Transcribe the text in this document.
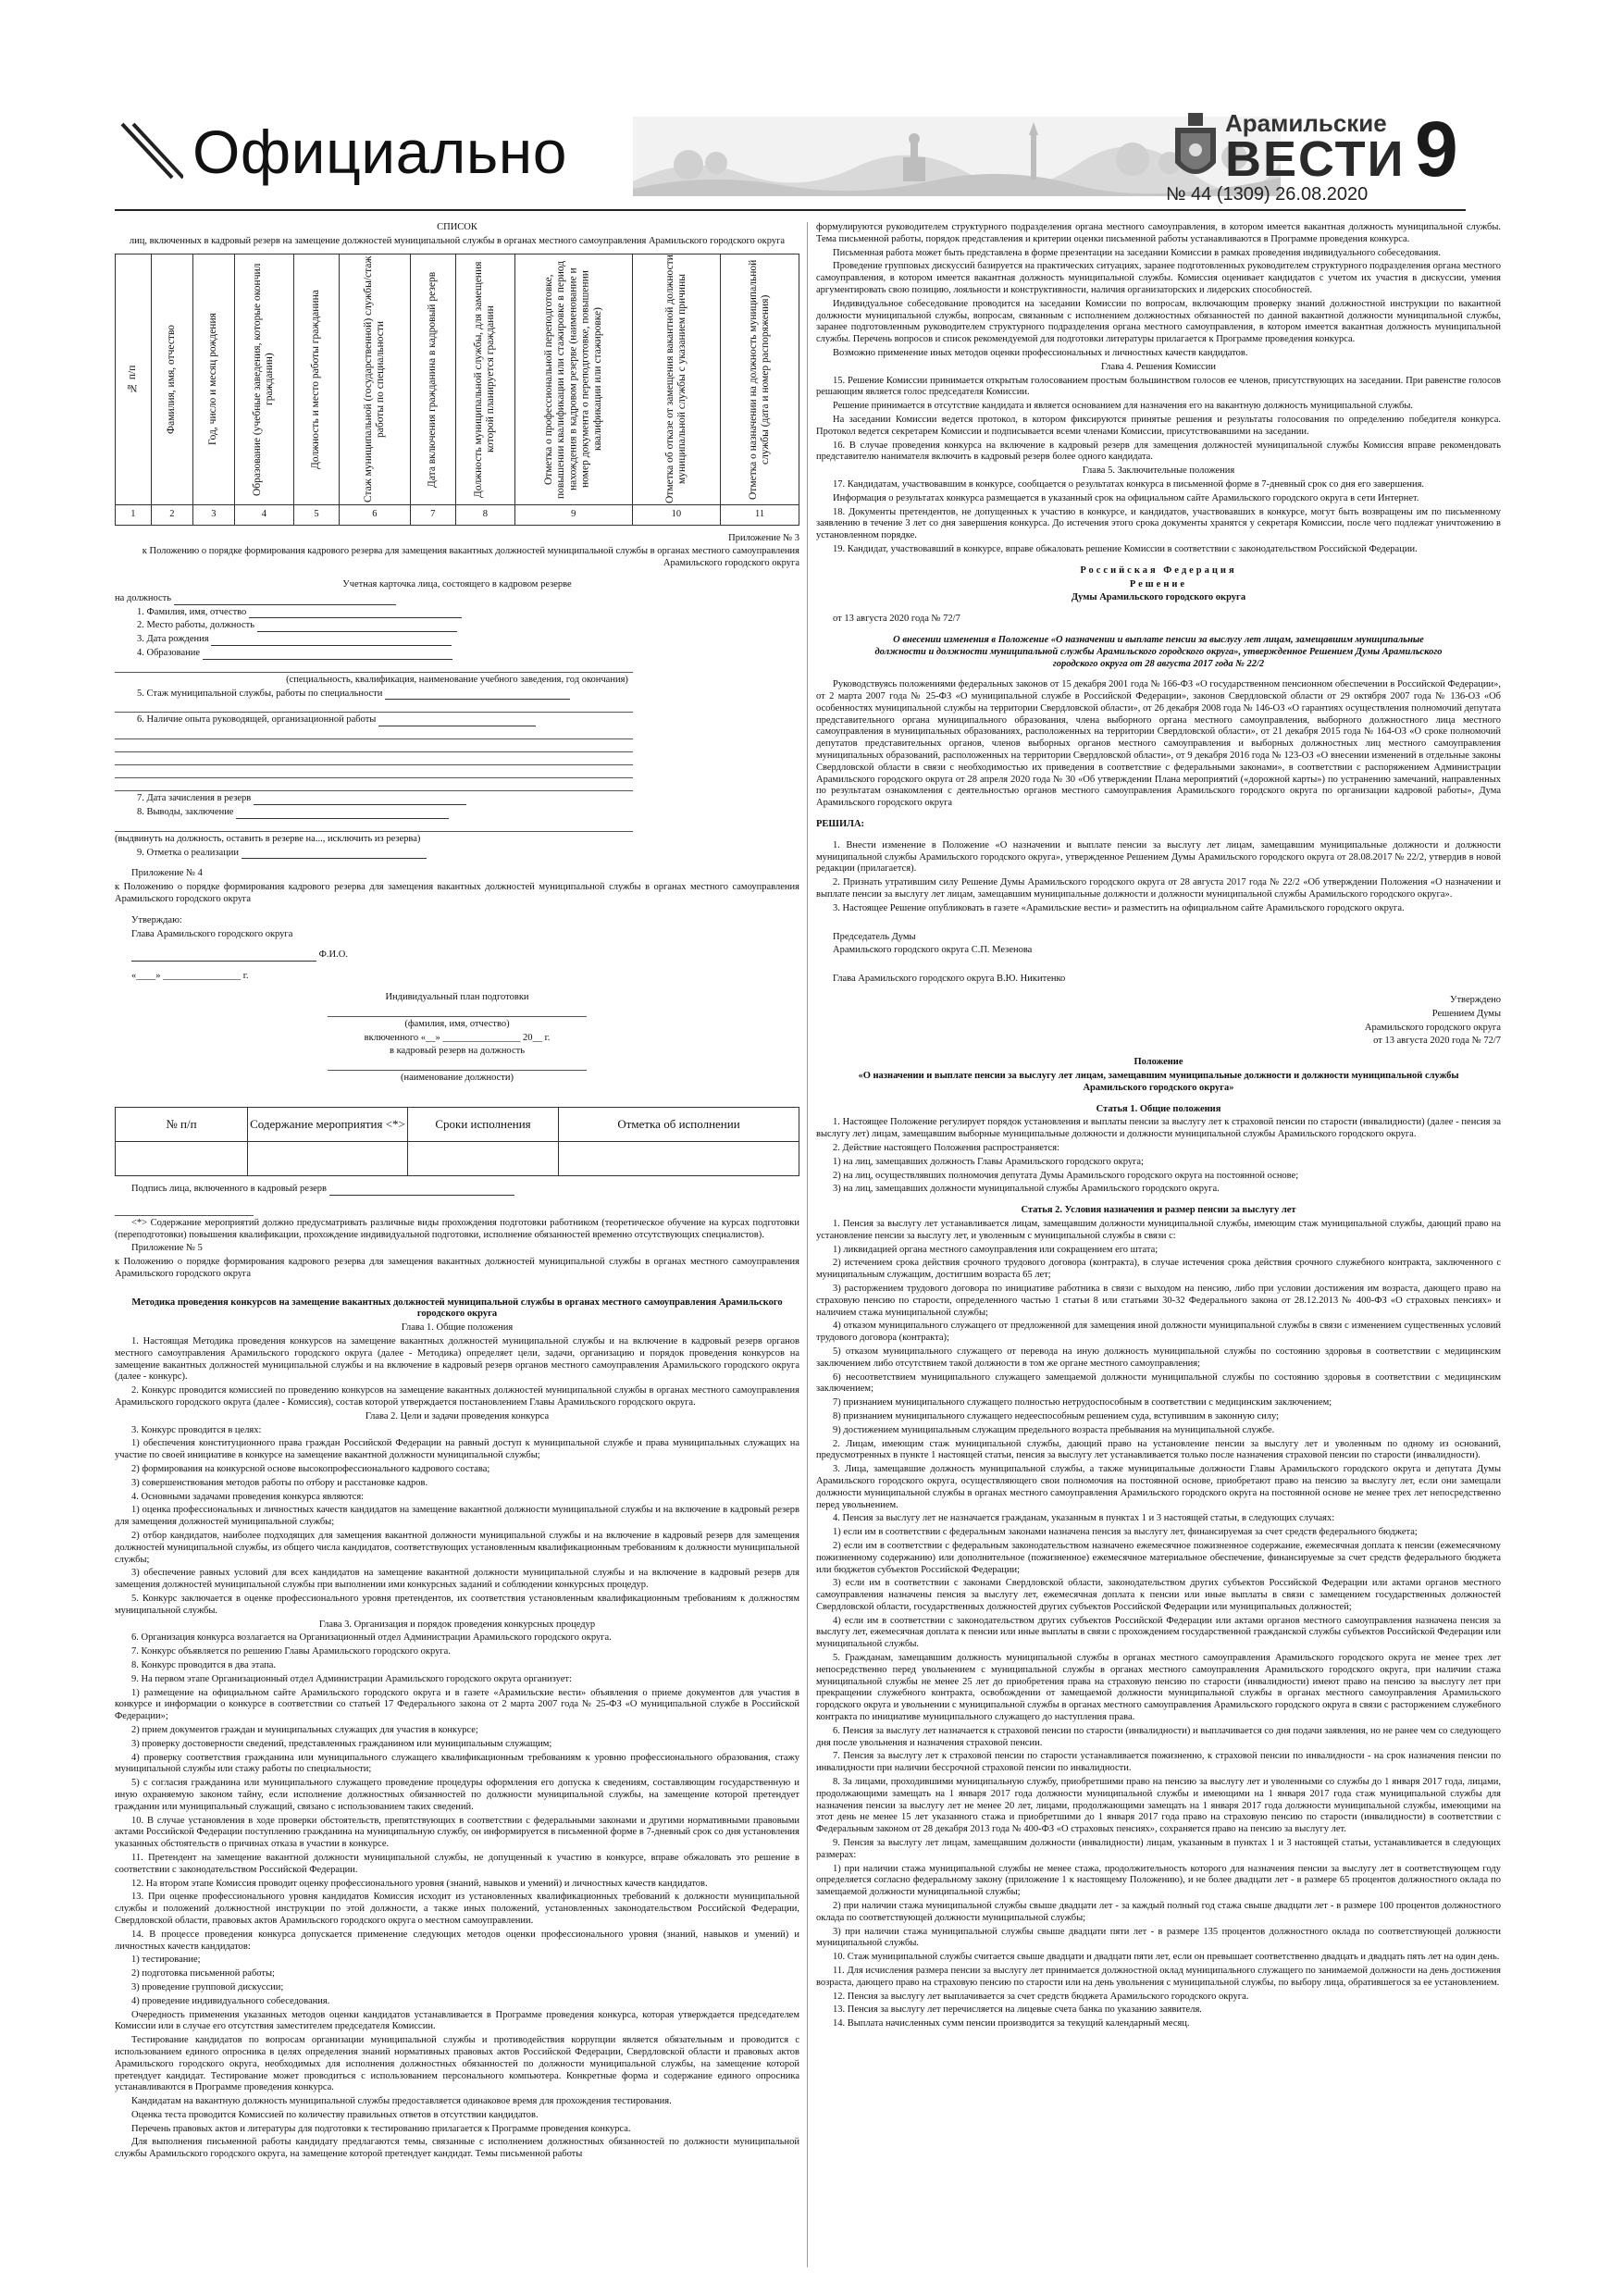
Официально	Арамильские
ВЕСТИ 9
№ 44 (1309) 26.08.2020

СПИСОК

лиц, включенных в кадровый резерв на замещение должностей муниципальной службы в органах местного самоуправления Арамильского городского округа

№ п/п	Фамилия, имя, отчество	Год, число и месяц рождения	Образование (учебные заведения, которые окончил гражданин)	Должность и место работы гражданина	Стаж муниципальной (государственной) службы/стаж работы по специальности	Дата включения гражданина в кадровый резерв	Должность муниципальной службы, для замещения которой планируется гражданин	Отметка о профессиональной переподготовке, повышении квалификации или стажировке в период нахождения в кадровом резерве (наименование и номер документа о переподготовке, повышении квалификации или стажировке)	Отметка об отказе от замещения вакантной должности муниципальной службы с указанием причины	Отметка о назначении на должность муниципальной службы (дата и номер распоряжения)

1	2	3	4	5	6	7	8	9	10	11

Приложение № 3

к Положению о порядке формирования кадрового резерва для замещения вакантных должностей муниципальной службы в органах местного самоуправления Арамильского городского округа

Учетная карточка лица, состоящего в кадровом резерве

на должность

1. Фамилия, имя, отчество

2. Место работы, должность

3. Дата рождения

4. Образование

(специальность, квалификация, наименование учебного заведения, год окончания)

5. Стаж муниципальной службы, работы по специальности

6. Наличие опыта руководящей, организационной работы

7. Дата зачисления в резерв

8. Выводы, заключение

(выдвинуть на должность, оставить в резерве на..., исключить из резерва)

9. Отметка о реализации

Приложение № 4

к Положению о порядке формирования кадрового резерва для замещения вакантных должностей муниципальной службы в органах местного самоуправления Арамильского городского округа

Утверждаю:

Глава Арамильского городского округа

Ф.И.О.

«____» ________________ г.

Индивидуальный план подготовки

(фамилия, имя, отчество)

включенного «__» ________________ 20__ г.

в кадровый резерв на должность

(наименование должности)

№ п/п	Содержание мероприятия <*>	Сроки исполнения	Отметка об исполнении

Подпись лица, включенного в кадровый резерв

<*> Содержание мероприятий должно предусматривать различные виды прохождения подготовки работником (теоретическое обучение на курсах подготовки (переподготовки) повышения квалификации, прохождение индивидуальной подготовки, исполнение обязанностей временно отсутствующих специалистов).

Приложение № 5

к Положению о порядке формирования кадрового резерва для замещения вакантных должностей муниципальной службы в органах местного самоуправления Арамильского городского округа

Методика проведения конкурсов на замещение вакантных должностей муниципальной службы в органах местного самоуправления Арамильского городского округа

Глава 1. Общие положения

1. Настоящая Методика проведения конкурсов на замещение вакантных должностей муниципальной службы и на включение в кадровый резерв органов местного самоуправления Арамильского городского округа (далее - Методика) определяет цели, задачи, организацию и порядок проведения конкурсов на замещение вакантных должностей муниципальной службы и на включение в кадровый резерв органов местного самоуправления Арамильского городского округа (далее - конкурс).

2. Конкурс проводится комиссией по проведению конкурсов на замещение вакантных должностей муниципальной службы в органах местного самоуправления Арамильского городского округа (далее - Комиссия), состав которой утверждается постановлением Главы Арамильского городского округа.

Глава 2. Цели и задачи проведения конкурса

3. Конкурс проводится в целях:

1) обеспечения конституционного права граждан Российской Федерации на равный доступ к муниципальной службе и права муниципальных служащих на участие по своей инициативе в конкурсе на замещение вакантной должности муниципальной службы;

2) формирования на конкурсной основе высокопрофессионального кадрового состава;

3) совершенствования методов работы по отбору и расстановке кадров.

4. Основными задачами проведения конкурса являются:

1) оценка профессиональных и личностных качеств кандидатов на замещение вакантной должности муниципальной службы и на включение в кадровый резерв для замещения должностей муниципальной службы;

2) отбор кандидатов, наиболее подходящих для замещения вакантной должности муниципальной службы и на включение в кадровый резерв для замещения должностей муниципальной службы, из общего числа кандидатов, соответствующих установленным квалификационным требованиям к должности муниципальной службы;

3) обеспечение равных условий для всех кандидатов на замещение вакантной должности муниципальной службы и на включение в кадровый резерв для замещения должностей муниципальной службы при выполнении ими конкурсных заданий и соблюдении конкурсных процедур.

5. Конкурс заключается в оценке профессионального уровня претендентов, их соответствия установленным квалификационным требованиям к должностям муниципальной службы.

Глава 3. Организация и порядок проведения конкурсных процедур

6. Организация конкурса возлагается на Организационный отдел Администрации Арамильского городского округа.

7. Конкурс объявляется по решению Главы Арамильского городского округа.

8. Конкурс проводится в два этапа.

9. На первом этапе Организационный отдел Администрации Арамильского городского округа организует:

1) размещение на официальном сайте Арамильского городского округа и в газете «Арамильские вести» объявления о приеме документов для участия в конкурсе и информации о конкурсе в соответствии со статьей 17 Федерального закона от 2 марта 2007 года № 25-ФЗ «О муниципальной службе в Российской Федерации»;

2) прием документов граждан и муниципальных служащих для участия в конкурсе;

3) проверку достоверности сведений, представленных гражданином или муниципальным служащим;

4) проверку соответствия гражданина или муниципального служащего квалификационным требованиям к уровню профессионального образования, стажу муниципальной службы или стажу работы по специальности;

5) с согласия гражданина или муниципального служащего проведение процедуры оформления его допуска к сведениям, составляющим государственную и иную охраняемую законом тайну, если исполнение должностных обязанностей по должности муниципальной службы, на замещение которой претендует гражданин или муниципальный служащий, связано с использованием таких сведений.

10. В случае установления в ходе проверки обстоятельств, препятствующих в соответствии с федеральными законами и другими нормативными правовыми актами Российской Федерации поступлению гражданина на муниципальную службу, он информируется в письменной форме в 7-дневный срок со дня установления указанных обстоятельств о причинах отказа в участии в конкурсе.

11. Претендент на замещение вакантной должности муниципальной службы, не допущенный к участию в конкурсе, вправе обжаловать это решение в соответствии с законодательством Российской Федерации.

12. На втором этапе Комиссия проводит оценку профессионального уровня (знаний, навыков и умений) и личностных качеств кандидатов.

13. При оценке профессионального уровня кандидатов Комиссия исходит из установленных квалификационных требований к должности муниципальной службы и положений должностной инструкции по этой должности, а также иных положений, установленных законодательством Российской Федерации, Свердловской области, правовых актов Арамильского городского округа о местном самоуправлении.

14. В процессе проведения конкурса допускается применение следующих методов оценки профессионального уровня (знаний, навыков и умений) и личностных качеств кандидатов:

1) тестирование;

2) подготовка письменной работы;

3) проведение групповой дискуссии;

4) проведение индивидуального собеседования.

Очередность применения указанных методов оценки кандидатов устанавливается в Программе проведения конкурса, которая утверждается председателем Комиссии или в случае его отсутствия заместителем председателя Комиссии.

Тестирование кандидатов по вопросам организации муниципальной службы и противодействия коррупции является обязательным и проводится с использованием единого опросника в целях определения знаний нормативных правовых актов Российской Федерации, Свердловской области и правовых актов Арамильского городского округа, необходимых для исполнения должностных обязанностей по должности муниципальной службы, на замещение которой претендует кандидат. Тестирование может проводиться с использованием персонального компьютера. Конкретные форма и содержание единого опросника устанавливаются в Программе проведения конкурса.

Кандидатам на вакантную должность муниципальной службы предоставляется одинаковое время для прохождения тестирования.

Оценка теста проводится Комиссией по количеству правильных ответов в отсутствии кандидатов.

Перечень правовых актов и литературы для подготовки к тестированию прилагается к Программе проведения конкурса.

Для выполнения письменной работы кандидату предлагаются темы, связанные с исполнением должностных обязанностей по должности муниципальной службы Арамильского городского округа, на замещение которой претендует кандидат. Темы письменной работы

формулируются руководителем структурного подразделения органа местного самоуправления, в котором имеется вакантная должность муниципальной службы. Тема письменной работы, порядок представления и критерии оценки письменной работы устанавливаются в Программе проведения конкурса.

Письменная работа может быть представлена в форме презентации на заседании Комиссии в рамках проведения индивидуального собеседования.

Проведение групповых дискуссий базируется на практических ситуациях, заранее подготовленных руководителем структурного подразделения органа местного самоуправления, в котором имеется вакантная должность муниципальной службы. Комиссия оценивает кандидатов с учетом их участия в дискуссии, умения аргументировать свою позицию, лояльности и конструктивности, наличия организаторских и лидерских способностей.

Индивидуальное собеседование проводится на заседании Комиссии по вопросам, включающим проверку знаний должностной инструкции по вакантной должности муниципальной службы, вопросам, связанным с исполнением должностных обязанностей по данной вакантной должности муниципальной службы, заранее подготовленным руководителем структурного подразделения органа местного самоуправления, в котором имеется вакантная должность муниципальной службы. Перечень вопросов и список рекомендуемой для подготовки литературы прилагается к Программе проведения конкурса.

Возможно применение иных методов оценки профессиональных и личностных качеств кандидатов.

Глава 4. Решения Комиссии

15. Решение Комиссии принимается открытым голосованием простым большинством голосов ее членов, присутствующих на заседании. При равенстве голосов решающим является голос председателя Комиссии.

Решение принимается в отсутствие кандидата и является основанием для назначения его на вакантную должность муниципальной службы.

На заседании Комиссии ведется протокол, в котором фиксируются принятые решения и результаты голосования по определению победителя конкурса. Протокол ведется секретарем Комиссии и подписывается всеми членами Комиссии, присутствовавшими на заседании.

16. В случае проведения конкурса на включение в кадровый резерв для замещения должностей муниципальной службы Комиссия вправе рекомендовать представителю нанимателя включить в кадровый резерв более одного кандидата.

Глава 5. Заключительные положения

17. Кандидатам, участвовавшим в конкурсе, сообщается о результатах конкурса в письменной форме в 7-дневный срок со дня его завершения.

Информация о результатах конкурса размещается в указанный срок на официальном сайте Арамильского городского округа в сети Интернет.

18. Документы претендентов, не допущенных к участию в конкурсе, и кандидатов, участвовавших в конкурсе, могут быть возвращены им по письменному заявлению в течение 3 лет со дня завершения конкурса. До истечения этого срока документы хранятся у секретаря Комиссии, после чего подлежат уничтожению в установленном порядке.

19. Кандидат, участвовавший в конкурсе, вправе обжаловать решение Комиссии в соответствии с законодательством Российской Федерации.

Российская Федерация

Решение

Думы Арамильского городского округа

от 13 августа 2020 года № 72/7

О внесении изменения в Положение «О назначении и выплате пенсии за выслугу лет лицам, замещавшим муниципальные должности и должности муниципальной службы Арамильского городского округа», утвержденное Решением Думы Арамильского городского округа от 28 августа 2017 года № 22/2

Руководствуясь положениями федеральных законов от 15 декабря 2001 года № 166-ФЗ «О государственном пенсионном обеспечении в Российской Федерации», от 2 марта 2007 года № 25-ФЗ «О муниципальной службе в Российской Федерации», законов Свердловской области от 29 октября 2007 года № 136-ОЗ «Об особенностях муниципальной службы на территории Свердловской области», от 26 декабря 2008 года № 146-ОЗ «О гарантиях осуществления полномочий депутата представительного органа муниципального образования, члена выборного органа местного самоуправления, выборного должностного лица местного самоуправления в муниципальных образованиях, расположенных на территории Свердловской области», от 21 декабря 2015 года № 164-ОЗ «О сроке полномочий депутатов представительных органов, членов выборных органов местного самоуправления и выборных должностных лиц местного самоуправления муниципальных образований, расположенных на территории Свердловской области», от 9 декабря 2016 года № 123-ОЗ «О внесении изменений в отдельные законы Свердловской области в связи с необходимостью их приведения в соответствие с федеральными законами», в соответствии с распоряжением Администрации Арамильского городского округа от 28 апреля 2020 года № 30 «Об утверждении Плана мероприятий («дорожной карты») по устранению замечаний, направленных по результатам ознакомления с деятельностью органов местного самоуправления Арамильского городского округа по организации кадровой работы», Дума Арамильского городского округа

РЕШИЛА:

1. Внести изменение в Положение «О назначении и выплате пенсии за выслугу лет лицам, замещавшим муниципальные должности и должности муниципальной службы Арамильского городского округа», утвержденное Решением Думы Арамильского городского округа от 28.08.2017 № 22/2, утвердив в новой редакции (прилагается).

2. Признать утратившим силу Решение Думы Арамильского городского округа от 28 августа 2017 года № 22/2 «Об утверждении Положения «О назначении и выплате пенсии за выслугу лет лицам, замещавшим муниципальные должности и должности муниципальной службы Арамильского городского округа».

3. Настоящее Решение опубликовать в газете «Арамильские вести» и разместить на официальном сайте Арамильского городского округа.

Председатель Думы

Арамильского городского округа С.П. Мезенова

Глава Арамильского городского округа В.Ю. Никитенко

Утверждено

Решением Думы

Арамильского городского округа

от 13 августа 2020 года № 72/7

Положение

«О назначении и выплате пенсии за выслугу лет лицам, замещавшим муниципальные должности и должности муниципальной службы Арамильского городского округа»

Статья 1. Общие положения

1. Настоящее Положение регулирует порядок установления и выплаты пенсии за выслугу лет к страховой пенсии по старости (инвалидности) (далее - пенсия за выслугу лет) лицам, замещавшим выборные муниципальные должности и должности муниципальной службы Арамильского городского округа.

2. Действие настоящего Положения распространяется:

1) на лиц, замещавших должность Главы Арамильского городского округа;

2) на лиц, осуществлявших полномочия депутата Думы Арамильского городского округа на постоянной основе;

3) на лиц, замещавших должности муниципальной службы Арамильского городского округа.

Статья 2. Условия назначения и размер пенсии за выслугу лет

1. Пенсия за выслугу лет устанавливается лицам, замещавшим должности муниципальной службы, имеющим стаж муниципальной службы, дающий право на установление пенсии за выслугу лет, и уволенным с муниципальной службы в связи с:

1) ликвидацией органа местного самоуправления или сокращением его штата;

2) истечением срока действия срочного трудового договора (контракта), в случае истечения срока действия срочного служебного контракта, заключенного с муниципальным служащим, достигшим возраста 65 лет;

3) расторжением трудового договора по инициативе работника в связи с выходом на пенсию, либо при условии достижения им возраста, дающего право на страховую пенсию по старости, определенного частью 1 статьи 8 или статьями 30-32 Федерального закона от 28.12.2013 № 400-ФЗ «О страховых пенсиях» и наличием стажа муниципальной службы;

4) отказом муниципального служащего от предложенной для замещения иной должности муниципальной службы в связи с изменением существенных условий трудового договора (контракта);

5) отказом муниципального служащего от перевода на иную должность муниципальной службы по состоянию здоровья в соответствии с медицинским заключением либо отсутствием такой должности в том же органе местного самоуправления;

6) несоответствием муниципального служащего замещаемой должности муниципальной службы по состоянию здоровья в соответствии с медицинским заключением;

7) признанием муниципального служащего полностью нетрудоспособным в соответствии с медицинским заключением;

8) признанием муниципального служащего недееспособным решением суда, вступившим в законную силу;

9) достижением муниципальным служащим предельного возраста пребывания на муниципальной службе.

2. Лицам, имеющим стаж муниципальной службы, дающий право на установление пенсии за выслугу лет и уволенным по одному из оснований, предусмотренных в пункте 1 настоящей статьи, пенсия за выслугу лет устанавливается только после назначения страховой пенсии по старости (инвалидности).

3. Лица, замещавшие должность муниципальной службы, а также муниципальные должности Главы Арамильского городского округа и депутата Думы Арамильского городского округа, осуществляющего свои полномочия на постоянной основе, приобретают право на пенсию за выслугу лет, если они замещали должности муниципальной службы в органах местного самоуправления Арамильского городского округа на постоянной основе не менее трех лет непосредственно перед увольнением.

4. Пенсия за выслугу лет не назначается гражданам, указанным в пунктах 1 и 3 настоящей статьи, в следующих случаях:

1) если им в соответствии с федеральным законами назначена пенсия за выслугу лет, финансируемая за счет средств федерального бюджета;

2) если им в соответствии с федеральным законодательством назначено ежемесячное пожизненное содержание, ежемесячная доплата к пенсии (ежемесячному пожизненному содержанию) или дополнительное (пожизненное) ежемесячное материальное обеспечение, финансируемые за счет средств федерального бюджета или бюджетов субъектов Российской Федерации;

3) если им в соответствии с законами Свердловской области, законодательством других субъектов Российской Федерации или актами органов местного самоуправления назначены пенсия за выслугу лет, ежемесячная доплата к пенсии или иные выплаты в связи с замещением государственных должностей Свердловской области, государственных должностей других субъектов Российской Федерации или муниципальных должностей;

4) если им в соответствии с законодательством других субъектов Российской Федерации или актами органов местного самоуправления назначена пенсия за выслугу лет, ежемесячная доплата к пенсии или иные выплаты в связи с прохождением государственной гражданской службы субъектов Российской Федерации или муниципальной службы.

5. Гражданам, замещавшим должность муниципальной службы в органах местного самоуправления Арамильского городского округа не менее трех лет непосредственно перед увольнением с муниципальной службы в органах местного самоуправления Арамильского городского округа, при наличии стажа муниципальной службы не менее 25 лет до приобретения права на страховую пенсию по старости (инвалидности) имеют право на пенсию за выслугу лет при прекращении служебного контракта, освобождении от замещаемой должности муниципальной службы в органах местного самоуправления Арамильского городского округа и увольнении с муниципальной службы в органах местного самоуправления Арамильского городского округа в связи с расторжением служебного контракта по инициативе муниципального служащего до наступления права.

6. Пенсия за выслугу лет назначается к страховой пенсии по старости (инвалидности) и выплачивается со дня подачи заявления, но не ранее чем со следующего дня после увольнения и назначения страховой пенсии.

7. Пенсия за выслугу лет к страховой пенсии по старости устанавливается пожизненно, к страховой пенсии по инвалидности - на срок назначения пенсии по инвалидности при наличии бессрочной страховой пенсии по инвалидности.

8. За лицами, проходившими муниципальную службу, приобретшими право на пенсию за выслугу лет и уволенными со службы до 1 января 2017 года, лицами, продолжающими замещать на 1 января 2017 года должности муниципальной службы и имеющими на 1 января 2017 года стаж муниципальной службы для назначения пенсии за выслугу лет не менее 20 лет, лицами, продолжающими замещать на 1 января 2017 года должности муниципальной службы, имеющими на этот день не менее 15 лет указанного стажа и приобретшими до 1 января 2017 года право на страховую пенсию по старости (инвалидности) в соответствии с Федеральным законом от 28 декабря 2013 года № 400-ФЗ «О страховых пенсиях», сохраняется право на пенсию за выслугу лет.

9. Пенсия за выслугу лет лицам, замещавшим должности (инвалидности) лицам, указанным в пунктах 1 и 3 настоящей статьи, устанавливается в следующих размерах:

1) при наличии стажа муниципальной службы не менее стажа, продолжительность которого для назначения пенсии за выслугу лет в соответствующем году определяется согласно федеральному закону (приложение 1 к настоящему Положению), и не более двадцати лет - в размере 65 процентов должностного оклада по замещаемой должности муниципальной службы;

2) при наличии стажа муниципальной службы свыше двадцати лет - за каждый полный год стажа свыше двадцати лет - в размере 100 процентов должностного оклада по соответствующей должности муниципальной службы;

3) при наличии стажа муниципальной службы свыше двадцати пяти лет - в размере 135 процентов должностного оклада по соответствующей должности муниципальной службы.

10. Стаж муниципальной службы считается свыше двадцати и двадцати пяти лет, если он превышает соответственно двадцать и двадцать пять лет на один день.

11. Для исчисления размера пенсии за выслугу лет принимается должностной оклад муниципального служащего по занимаемой должности на день достижения возраста, дающего право на страховую пенсию по старости или на день увольнения с муниципальной службы, по выбору лица, обратившегося за ее установлением.

12. Пенсия за выслугу лет выплачивается за счет средств бюджета Арамильского городского округа.

13. Пенсия за выслугу лет перечисляется на лицевые счета банка по указанию заявителя.

14. Выплата начисленных сумм пенсии производится за текущий календарный месяц.
